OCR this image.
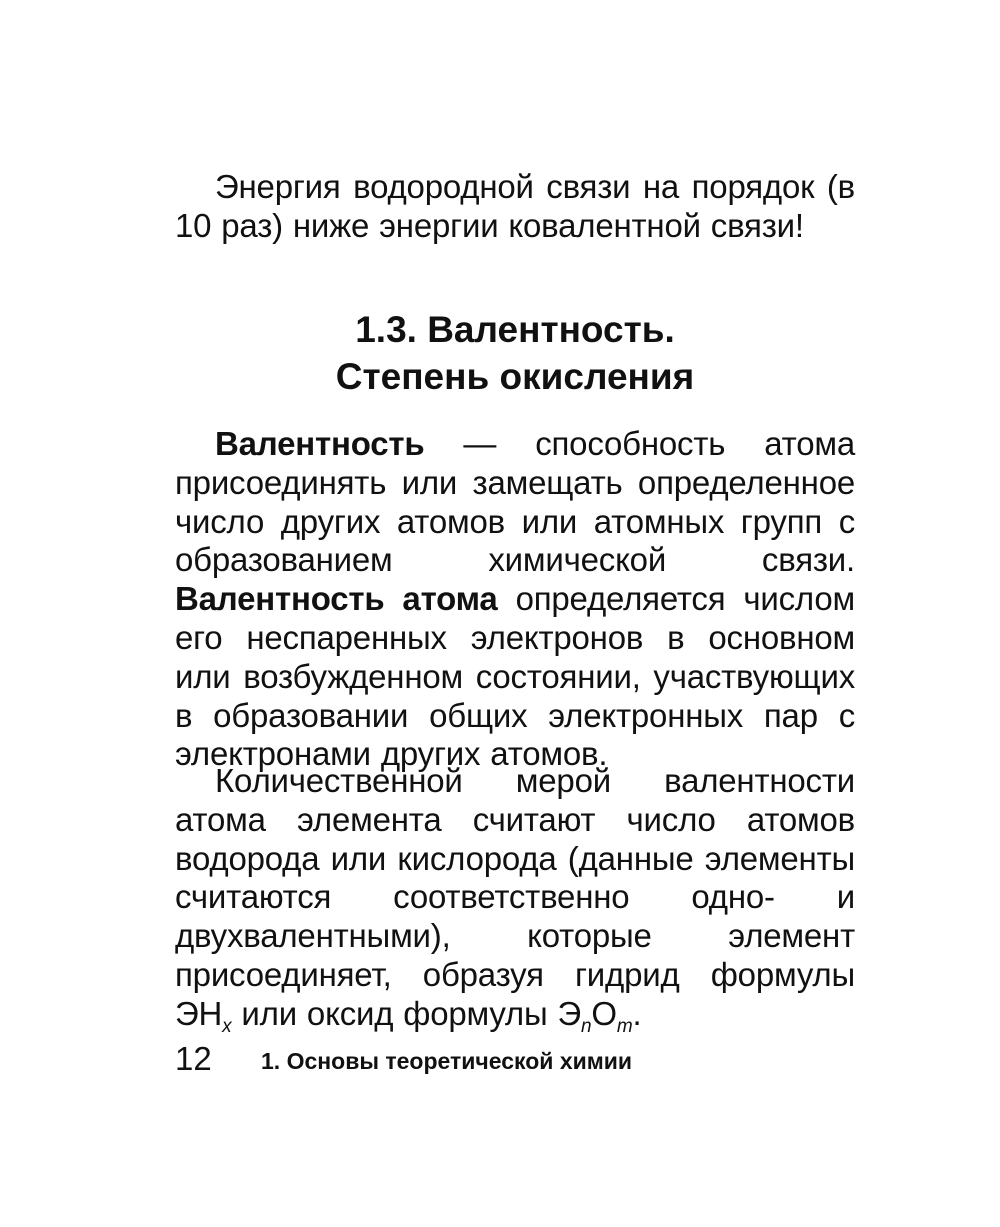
Энергия водородной связи на порядок (в 10 раз) ниже энергии ковалентной связи!

1.3. Валентность.
Степень окисления

Валентность — способность атома присоединять или замещать определенное число других атомов или атомных групп с образованием химической связи. Валентность атома определяется числом его неспаренных электронов в основном или возбужденном состоянии, участвующих в образовании общих электронных пар с электронами других атомов.

Количественной мерой валентности атома элемента считают число атомов водорода или кислорода (данные элементы считаются соответственно одно- и двухвалентными), которые элемент присоединяет, образуя гидрид формулы $ЭН_x$ или оксид формулы $Э_nO_m$.

12 1. Основы теоретической химии
